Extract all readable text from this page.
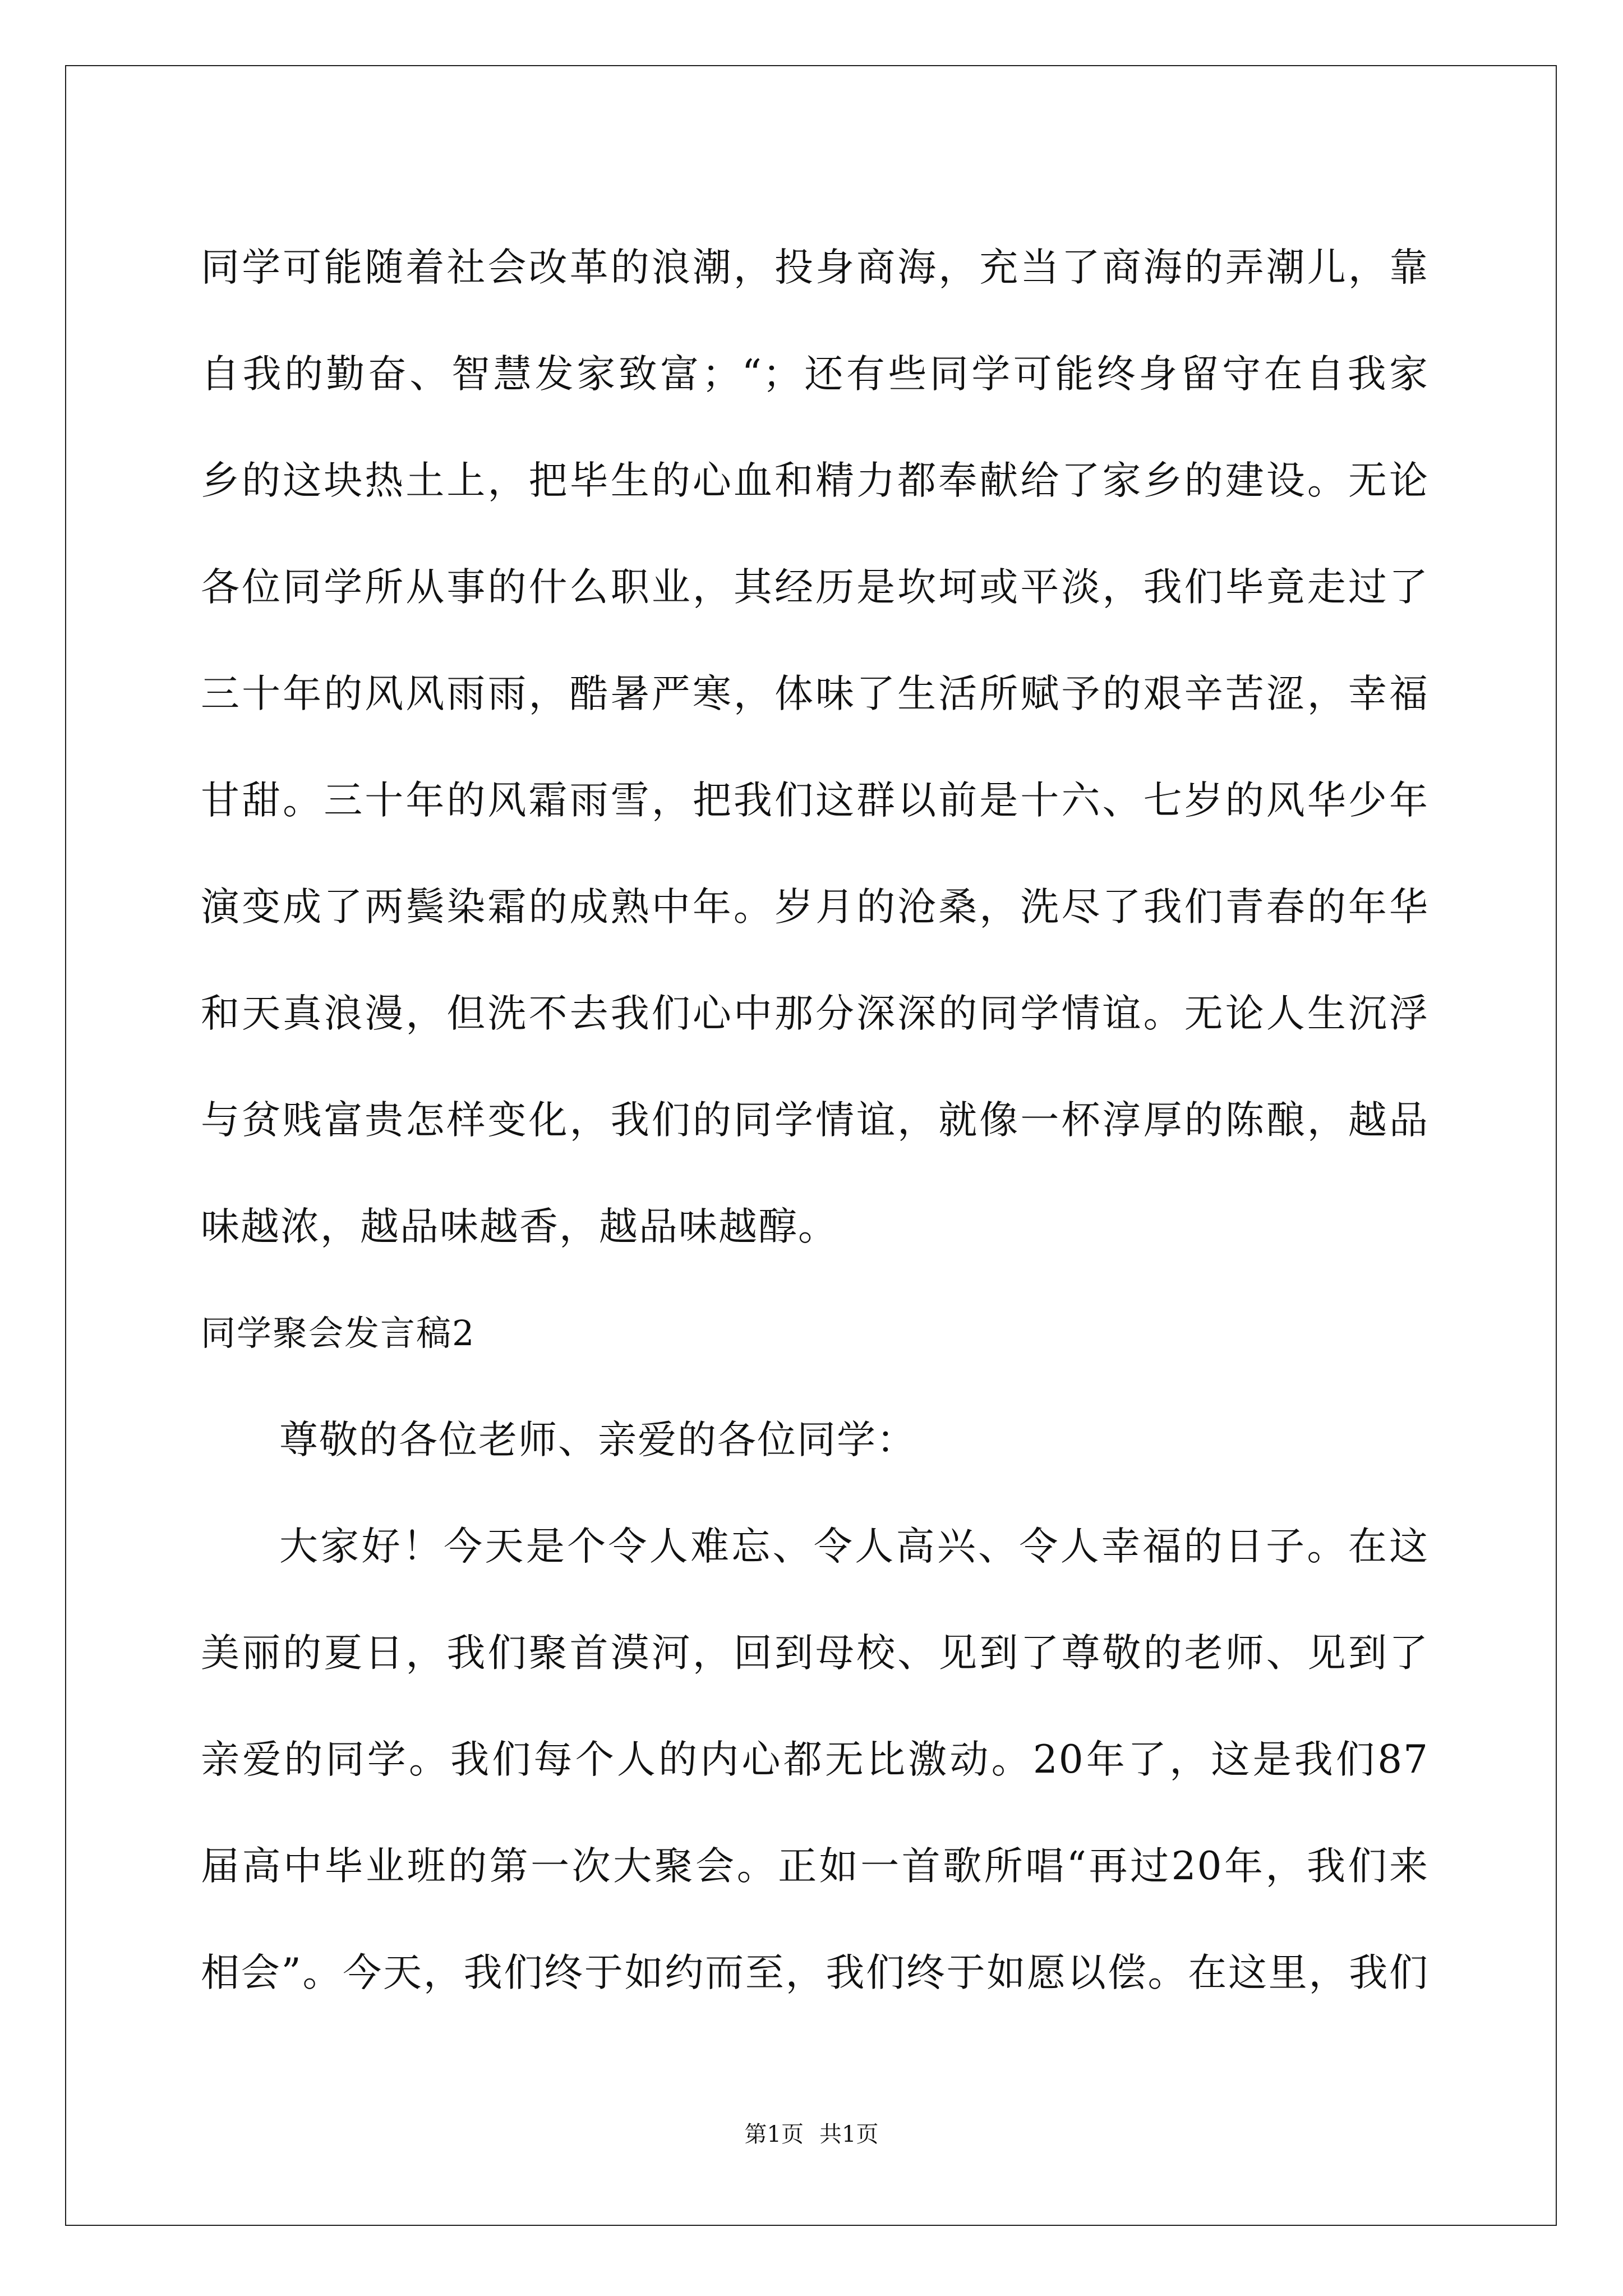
同学可能随着社会改革的浪潮，投身商海，充当了商海的弄潮儿，靠
自我的勤奋、智慧发家致富；“；还有些同学可能终身留守在自我家
乡的这块热土上，把毕生的心血和精力都奉献给了家乡的建设。无论
各位同学所从事的什么职业，其经历是坎坷或平淡，我们毕竟走过了
三十年的风风雨雨，酷暑严寒，体味了生活所赋予的艰辛苦涩，幸福
甘甜。三十年的风霜雨雪，把我们这群以前是十六、七岁的风华少年
演变成了两鬓染霜的成熟中年。岁月的沧桑，洗尽了我们青春的年华
和天真浪漫，但洗不去我们心中那分深深的同学情谊。无论人生沉浮
与贫贱富贵怎样变化，我们的同学情谊，就像一杯淳厚的陈酿，越品
味越浓，越品味越香，越品味越醇。
同学聚会发言稿2
尊敬的各位老师、亲爱的各位同学：
大家好！今天是个令人难忘、令人高兴、令人幸福的日子。在这
美丽的夏日，我们聚首漠河，回到母校、见到了尊敬的老师、见到了
亲爱的同学。我们每个人的内心都无比激动。20年了，这是我们87
届高中毕业班的第一次大聚会。正如一首歌所唱“再过20年，我们来
相会”。今天，我们终于如约而至，我们终于如愿以偿。在这里，我们
第1页 共1页
